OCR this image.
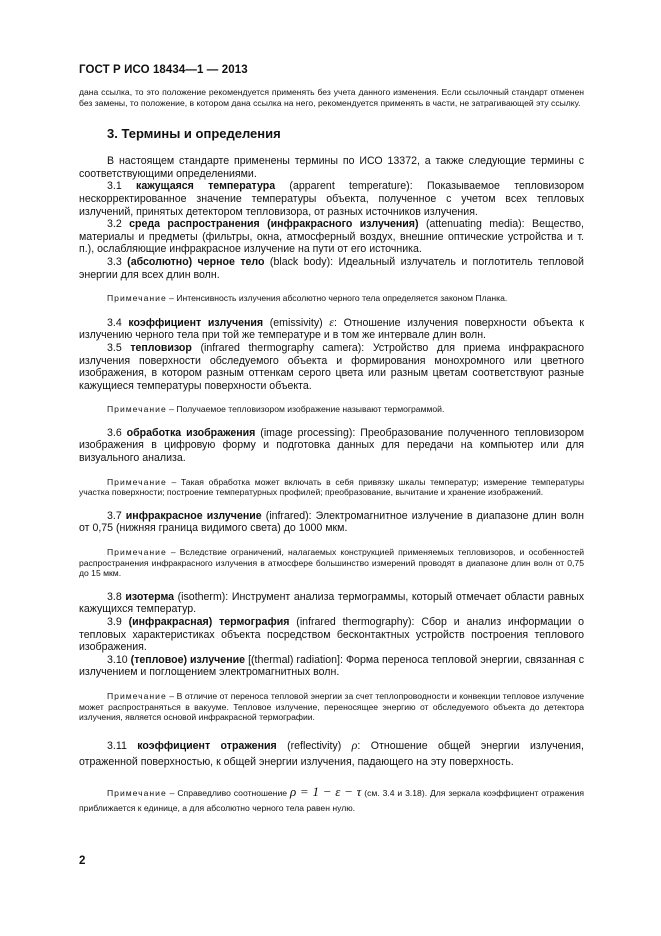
ГОСТ Р ИСО 18434—1 — 2013

дана ссылка, то это положение рекомендуется применять без учета данного изменения. Если ссылочный стандарт отменен без замены, то положение, в котором дана ссылка на него, рекомендуется применять в части, не затрагивающей эту ссылку.

3. Термины и определения

В настоящем стандарте применены термины по ИСО 13372, а также следующие термины с соответствующими определениями.

3.1 кажущаяся температура (apparent temperature): Показываемое тепловизором нескорректированное значение температуры объекта, полученное с учетом всех тепловых излучений, принятых детектором тепловизора, от разных источников излучения.

3.2 среда распространения (инфракрасного излучения) (attenuating media): Вещество, материалы и предметы (фильтры, окна, атмосферный воздух, внешние оптические устройства и т. п.), ослабляющие инфракрасное излучение на пути от его источника.

3.3 (абсолютно) черное тело (black body): Идеальный излучатель и поглотитель тепловой энергии для всех длин волн.

Примечание – Интенсивность излучения абсолютно черного тела определяется законом Планка.

3.4 коэффициент излучения (emissivity) ε: Отношение излучения поверхности объекта к излучению черного тела при той же температуре и в том же интервале длин волн.

3.5 тепловизор (infrared thermography camera): Устройство для приема инфракрасного излучения поверхности обследуемого объекта и формирования монохромного или цветного изображения, в котором разным оттенкам серого цвета или разным цветам соответствуют разные кажущиеся температуры поверхности объекта.

Примечание – Получаемое тепловизором изображение называют термограммой.

3.6 обработка изображения (image processing): Преобразование полученного тепловизором изображения в цифровую форму и подготовка данных для передачи на компьютер или для визуального анализа.

Примечание – Такая обработка может включать в себя привязку шкалы температур; измерение температуры участка поверхности; построение температурных профилей; преобразование, вычитание и хранение изображений.

3.7 инфракрасное излучение (infrared): Электромагнитное излучение в диапазоне длин волн от 0,75 (нижняя граница видимого света) до 1000 мкм.

Примечание – Вследствие ограничений, налагаемых конструкцией применяемых тепловизоров, и особенностей распространения инфракрасного излучения в атмосфере большинство измерений проводят в диапазоне длин волн от 0,75 до 15 мкм.

3.8 изотерма (isotherm): Инструмент анализа термограммы, который отмечает области равных кажущихся температур.

3.9 (инфракрасная) термография (infrared thermography): Сбор и анализ информации о тепловых характеристиках объекта посредством бесконтактных устройств построения теплового изображения.

3.10 (тепловое) излучение [(thermal) radiation]: Форма переноса тепловой энергии, связанная с излучением и поглощением электромагнитных волн.

Примечание – В отличие от переноса тепловой энергии за счет теплопроводности и конвекции тепловое излучение может распространяться в вакууме. Тепловое излучение, переносящее энергию от обследуемого объекта до детектора излучения, является основой инфракрасной термографии.

3.11 коэффициент отражения (reflectivity) ρ: Отношение общей энергии излучения, отраженной поверхностью, к общей энергии излучения, падающего на эту поверхность.

Примечание – Справедливо соотношение ρ = 1 − ε − τ (см. 3.4 и 3.18). Для зеркала коэффициент отражения приближается к единице, а для абсолютно черного тела равен нулю.

2
